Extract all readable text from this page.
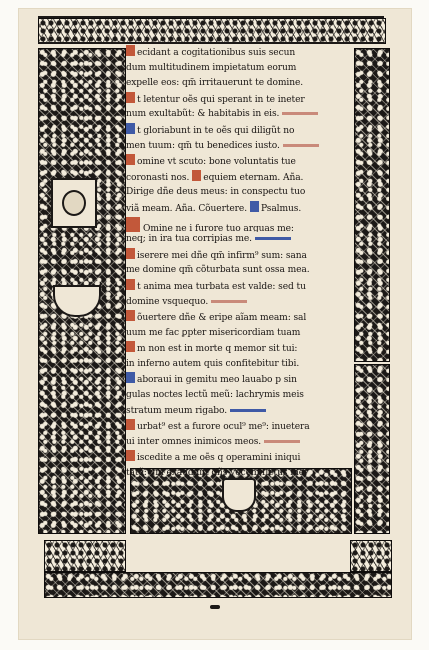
ecidant a cogitationibus suis secun
dum multitudinem impietatum eorum
expelle eos: qm̃ irritauerunt te domine.
t letentur oẽs qui sperant in te ineter
num exultabũt: & habitabis in eis.
t gloriabunt in te oẽs qui diligũt no
men tuum: qm̃ tu benedices iusto.
omine vt scuto: bone voluntatis tue
coronasti nos. equiem eternam. Aña.
Dirige dñe deus meus: in conspectu tuo
viã meam. Aña. Cõuertere. Psalmus.
Omine ne i furore tuo arguas me:
neq; in ira tua corripias me.
iserere mei dñe qm̃ infirm⁹ sum: sana
me domine qm̃ cõturbata sunt ossa mea.
t anima mea turbata est valde: sed tu
domine vsquequo.
õuertere dñe & eripe aĩam meam: sal
uum me fac ꝑpter misericordiam tuam
m non est in morte q memor sit tui:
in inferno autem quis confitebitur tibi.
aboraui in gemitu meo lauabo p sin
gulas noctes lectũ meũ: lachrymis meis
stratum meum rigabo.
urbat⁹ est a furore ocul⁹ me⁹: inuetera
ui inter omnes inimicos meos.
iscedite a me oẽs q operamini iniqui
tatẽ: qm̃ exaudiuit dñs vocem fletus mei
